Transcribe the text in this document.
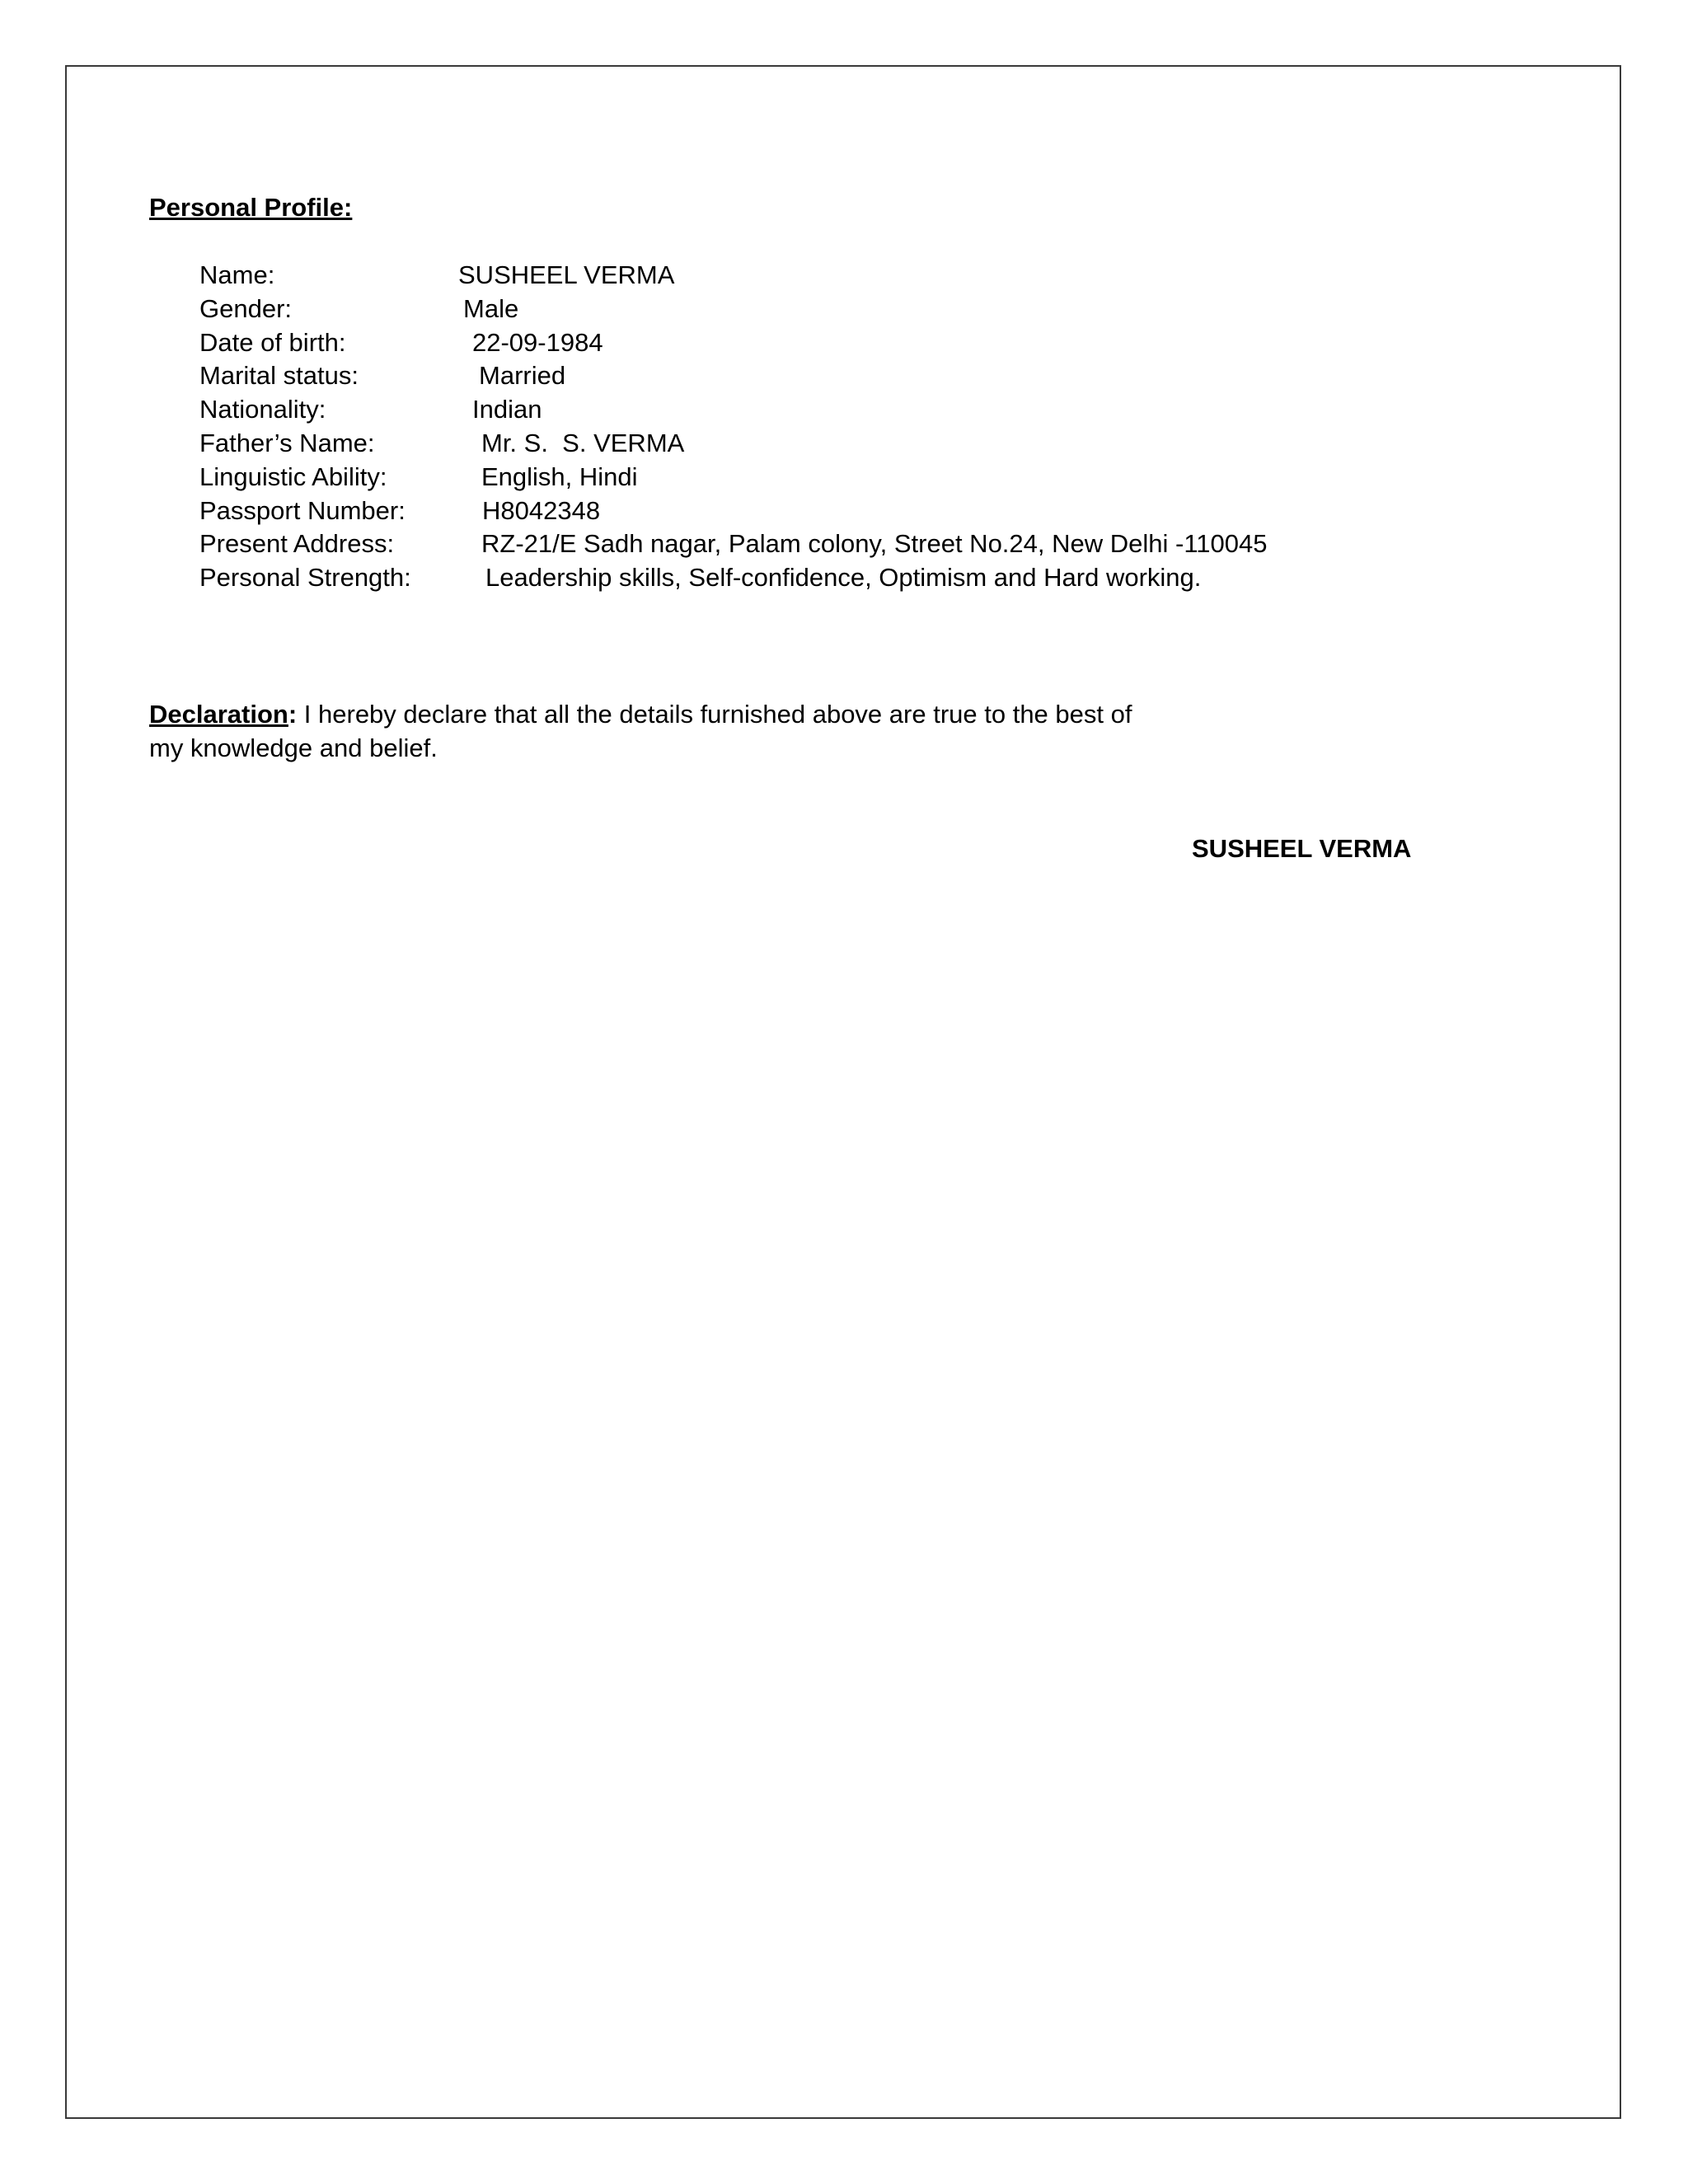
Personal Profile:
Name:	SUSHEEL VERMA
Gender:	Male
Date of birth:	22-09-1984
Marital status:	Married
Nationality:	Indian
Father’s Name:	Mr. S.  S. VERMA
Linguistic Ability:	English, Hindi
Passport Number:	H8042348
Present Address:	RZ-21/E Sadh nagar, Palam colony, Street No.24, New Delhi -110045
Personal Strength:	Leadership skills, Self-confidence, Optimism and Hard working.
Declaration: I hereby declare that all the details furnished above are true to the best of my knowledge and belief.
SUSHEEL VERMA
